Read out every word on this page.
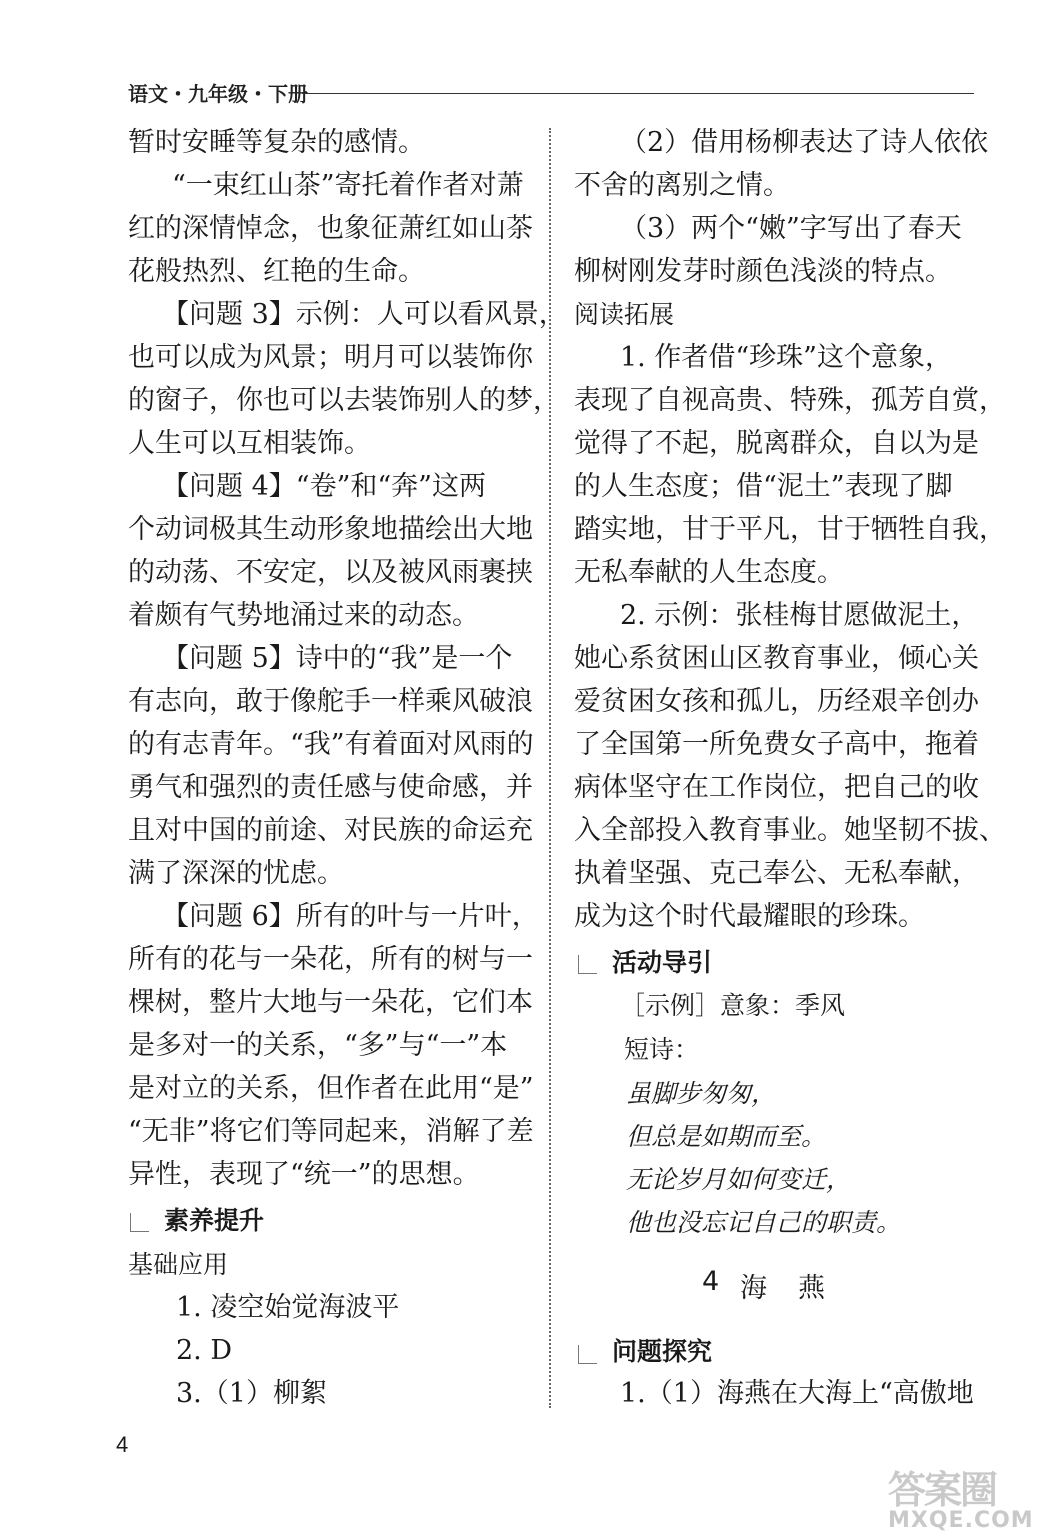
语文・九年级・下册
暂时安睡等复杂的感情。
“一束红山茶”寄托着作者对萧
红的深情悼念，也象征萧红如山茶
花般热烈、红艳的生命。
【问题 3】示例：人可以看风景，
也可以成为风景；明月可以装饰你
的窗子，你也可以去装饰别人的梦，
人生可以互相装饰。
【问题 4】“卷”和“奔”这两
个动词极其生动形象地描绘出大地
的动荡、不安定，以及被风雨裹挟
着颇有气势地涌过来的动态。
【问题 5】诗中的“我”是一个
有志向，敢于像舵手一样乘风破浪
的有志青年。“我”有着面对风雨的
勇气和强烈的责任感与使命感，并
且对中国的前途、对民族的命运充
满了深深的忧虑。
【问题 6】所有的叶与一片叶，
所有的花与一朵花，所有的树与一
棵树，整片大地与一朵花，它们本
是多对一的关系，“多”与“一”本
是对立的关系，但作者在此用“是”
“无非”将它们等同起来，消解了差
异性，表现了“统一”的思想。
素养提升
基础应用
1. 凌空始觉海波平
2. D
3.（1）柳絮
（2）借用杨柳表达了诗人依依
不舍的离别之情。
（3）两个“嫩”字写出了春天
柳树刚发芽时颜色浅淡的特点。
阅读拓展
1. 作者借“珍珠”这个意象，
表现了自视高贵、特殊，孤芳自赏，
觉得了不起，脱离群众，自以为是
的人生态度；借“泥土”表现了脚
踏实地，甘于平凡，甘于牺牲自我，
无私奉献的人生态度。
2. 示例：张桂梅甘愿做泥土，
她心系贫困山区教育事业，倾心关
爱贫困女孩和孤儿，历经艰辛创办
了全国第一所免费女子高中，拖着
病体坚守在工作岗位，把自己的收
入全部投入教育事业。她坚韧不拔、
执着坚强、克己奉公、无私奉献，
成为这个时代最耀眼的珍珠。
活动导引
［示例］意象：季风
短诗：
虽脚步匆匆，
但总是如期而至。
无论岁月如何变迁，
他也没忘记自己的职责。
4 海　燕
问题探究
1.（1）海燕在大海上“高傲地
4
答案圈
MXQE.COM
